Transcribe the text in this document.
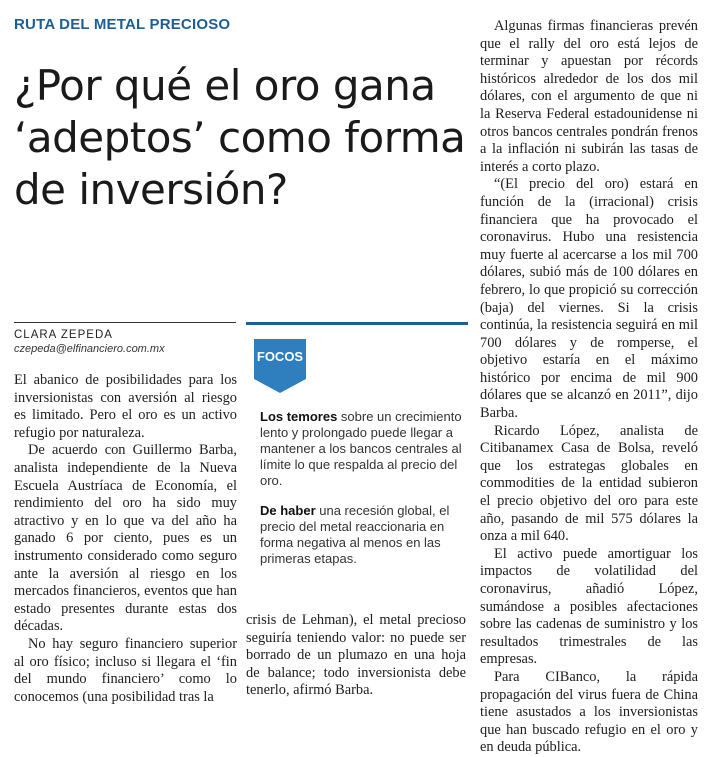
RUTA DEL METAL PRECIOSO
¿Por qué el oro gana ‘adeptos’ como forma de inversión?
CLARA ZEPEDA
czepeda@elfinanciero.com.mx

El abanico de posibilidades para los inversionistas con aversión al riesgo es limitado. Pero el oro es un activo refugio por naturaleza.

De acuerdo con Guillermo Barba, analista independiente de la Nueva Escuela Austríaca de Economía, el rendimiento del oro ha sido muy atractivo y en lo que va del año ha ganado 6 por ciento, pues es un instrumento considerado como seguro ante la aversión al riesgo en los mercados financieros, eventos que han estado presentes durante estas dos décadas.

No hay seguro financiero superior al oro físico; incluso si llegara el ‘fin del mundo financiero’ como lo conocemos (una posibilidad tras la

FOCOS

Los temores sobre un crecimiento lento y prolongado puede llegar a mantener a los bancos centrales al límite lo que respalda al precio del oro.

De haber una recesión global, el precio del metal reaccionaria en forma negativa al menos en las primeras etapas.

crisis de Lehman), el metal precioso seguiría teniendo valor: no puede ser borrado de un plumazo en una hoja de balance; todo inversionista debe tenerlo, afirmó Barba.

Algunas firmas financieras prevén que el rally del oro está lejos de terminar y apuestan por récords históricos alrededor de los dos mil dólares, con el argumento de que ni la Reserva Federal estadounidense ni otros bancos centrales pondrán frenos a la inflación ni subirán las tasas de interés a corto plazo.

“(El precio del oro) estará en función de la (irracional) crisis financiera que ha provocado el coronavirus. Hubo una resistencia muy fuerte al acercarse a los mil 700 dólares, subió más de 100 dólares en febrero, lo que propició su corrección (baja) del viernes. Si la crisis continúa, la resistencia seguirá en mil 700 dólares y de romperse, el objetivo estaría en el máximo histórico por encima de mil 900 dólares que se alcanzó en 2011”, dijo Barba.

Ricardo López, analista de Citibanamex Casa de Bolsa, reveló que los estrategas globales en commodities de la entidad subieron el precio objetivo del oro para este año, pasando de mil 575 dólares la onza a mil 640.

El activo puede amortiguar los impactos de volatilidad del coronavirus, añadió López, sumándose a posibles afectaciones sobre las cadenas de suministro y los resultados trimestrales de las empresas.

Para CIBanco, la rápida propagación del virus fuera de China tiene asustados a los inversionistas que han buscado refugio en el oro y en deuda pública.
